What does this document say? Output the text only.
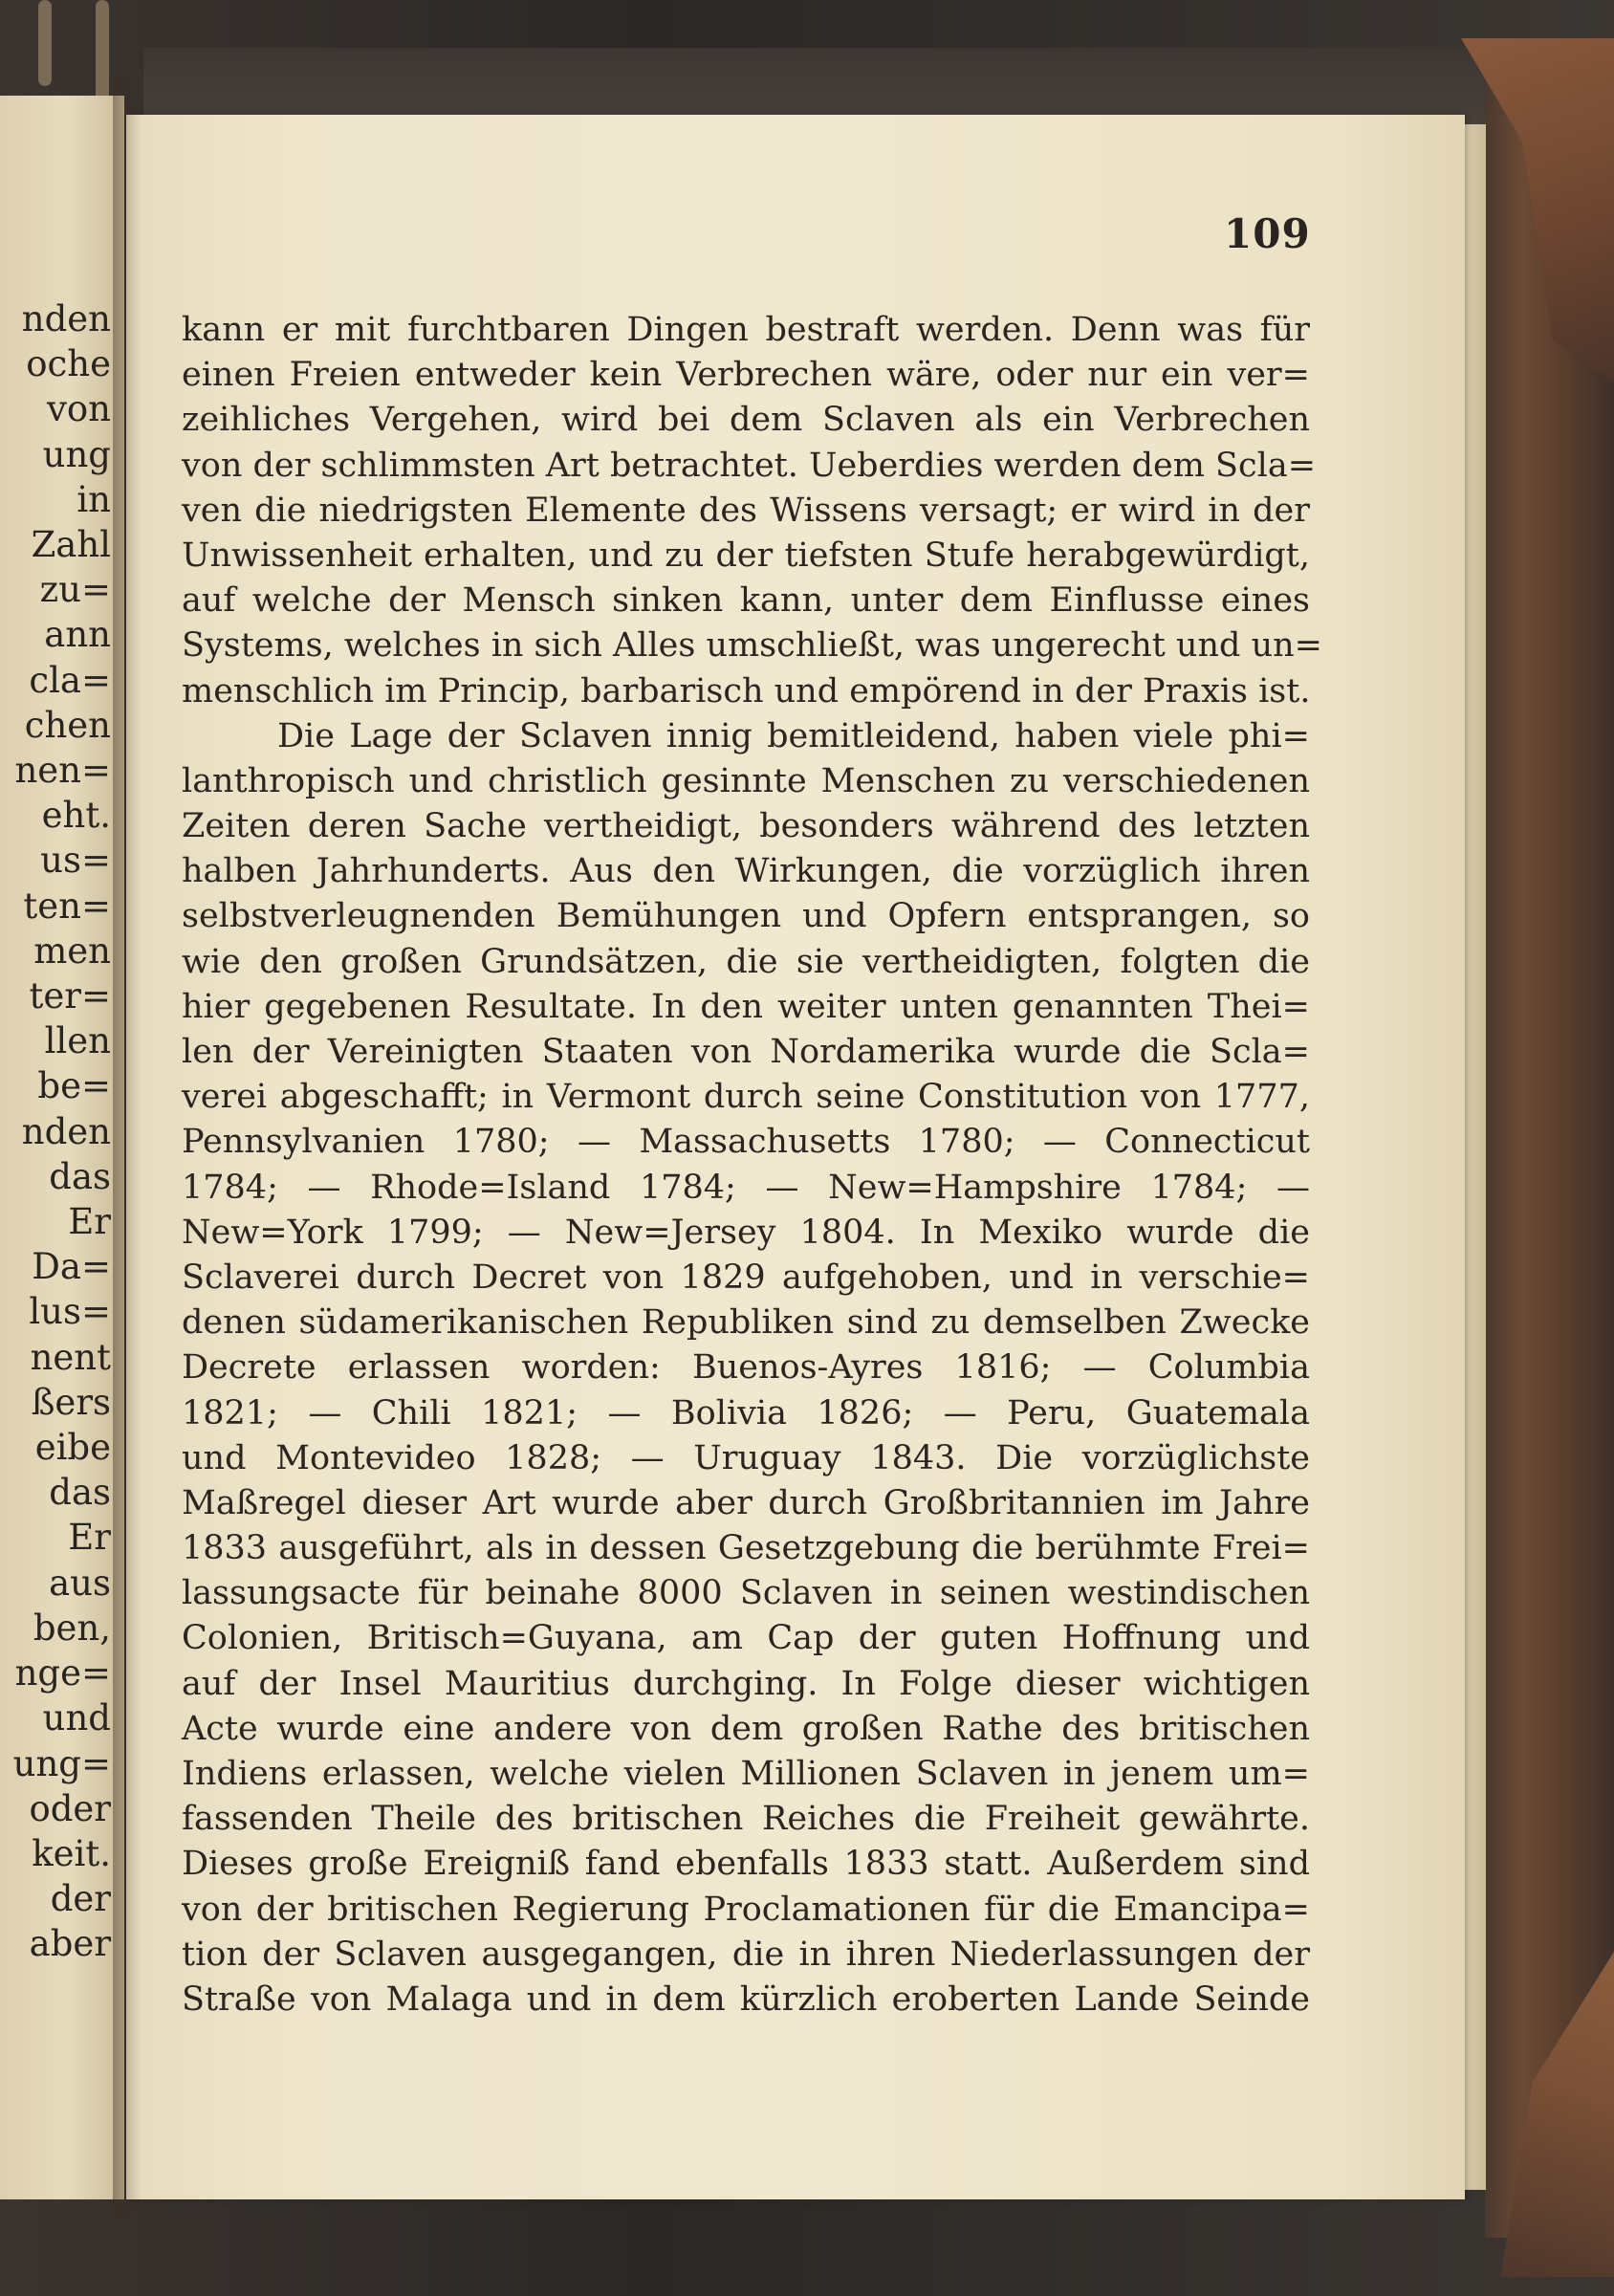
nden
oche
von
ung
in
Zahl
zu=
ann
cla=
chen
nen=
eht.
us=
ten=
men
ter=
llen
be=
nden
das
Er
Da=
lus=
nent
ßers
eibe
das
Er
aus
ben,
nge=
und
ung=
oder
keit.
der
aber
109
kann er mit furchtbaren Dingen bestraft werden. Denn was für
einen Freien entweder kein Verbrechen wäre, oder nur ein ver=
zeihliches Vergehen, wird bei dem Sclaven als ein Verbrechen
von der schlimmsten Art betrachtet. Ueberdies werden dem Scla=
ven die niedrigsten Elemente des Wissens versagt; er wird in der
Unwissenheit erhalten, und zu der tiefsten Stufe herabgewürdigt,
auf welche der Mensch sinken kann, unter dem Einflusse eines
Systems, welches in sich Alles umschließt, was ungerecht und un=
menschlich im Princip, barbarisch und empörend in der Praxis ist.
Die Lage der Sclaven innig bemitleidend, haben viele phi=
lanthropisch und christlich gesinnte Menschen zu verschiedenen
Zeiten deren Sache vertheidigt, besonders während des letzten
halben Jahrhunderts. Aus den Wirkungen, die vorzüglich ihren
selbstverleugnenden Bemühungen und Opfern entsprangen, so
wie den großen Grundsätzen, die sie vertheidigten, folgten die
hier gegebenen Resultate. In den weiter unten genannten Thei=
len der Vereinigten Staaten von Nordamerika wurde die Scla=
verei abgeschafft; in Vermont durch seine Constitution von 1777,
Pennsylvanien 1780; — Massachusetts 1780; — Connecticut
1784; — Rhode=Island 1784; — New=Hampshire 1784; —
New=York 1799; — New=Jersey 1804. In Mexiko wurde die
Sclaverei durch Decret von 1829 aufgehoben, und in verschie=
denen südamerikanischen Republiken sind zu demselben Zwecke
Decrete erlassen worden: Buenos-Ayres 1816; — Columbia
1821; — Chili 1821; — Bolivia 1826; — Peru, Guatemala
und Montevideo 1828; — Uruguay 1843. Die vorzüglichste
Maßregel dieser Art wurde aber durch Großbritannien im Jahre
1833 ausgeführt, als in dessen Gesetzgebung die berühmte Frei=
lassungsacte für beinahe 8000 Sclaven in seinen westindischen
Colonien, Britisch=Guyana, am Cap der guten Hoffnung und
auf der Insel Mauritius durchging. In Folge dieser wichtigen
Acte wurde eine andere von dem großen Rathe des britischen
Indiens erlassen, welche vielen Millionen Sclaven in jenem um=
fassenden Theile des britischen Reiches die Freiheit gewährte.
Dieses große Ereigniß fand ebenfalls 1833 statt. Außerdem sind
von der britischen Regierung Proclamationen für die Emancipa=
tion der Sclaven ausgegangen, die in ihren Niederlassungen der
Straße von Malaga und in dem kürzlich eroberten Lande Seinde
